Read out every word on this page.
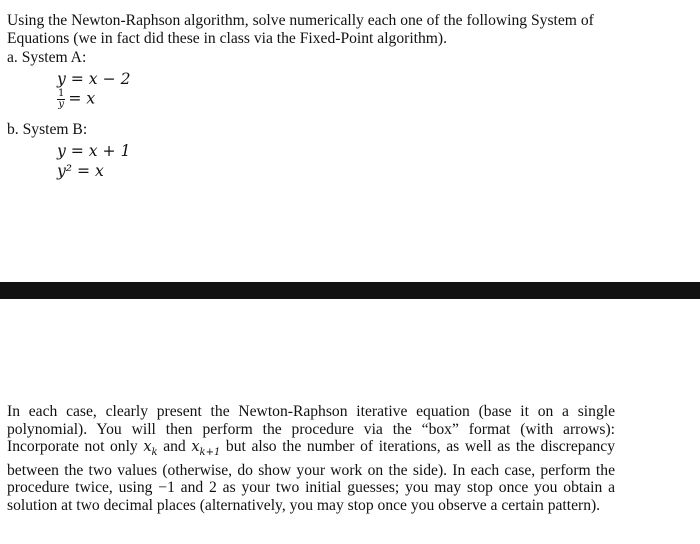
Using the Newton-Raphson algorithm, solve numerically each one of the following System of Equations (we in fact did these in class via the Fixed-Point algorithm).
a. System A:
y = x − 2
$\frac{1}{y} = x$
b. System B:
y = x + 1
y² = x
In each case, clearly present the Newton-Raphson iterative equation (base it on a single polynomial). You will then perform the procedure via the “box” format (with arrows): Incorporate not only $x_k$ and $x_{k+1}$ but also the number of iterations, as well as the discrepancy between the two values (otherwise, do show your work on the side). In each case, perform the procedure twice, using −1 and 2 as your two initial guesses; you may stop once you obtain a solution at two decimal places (alternatively, you may stop once you observe a certain pattern).
